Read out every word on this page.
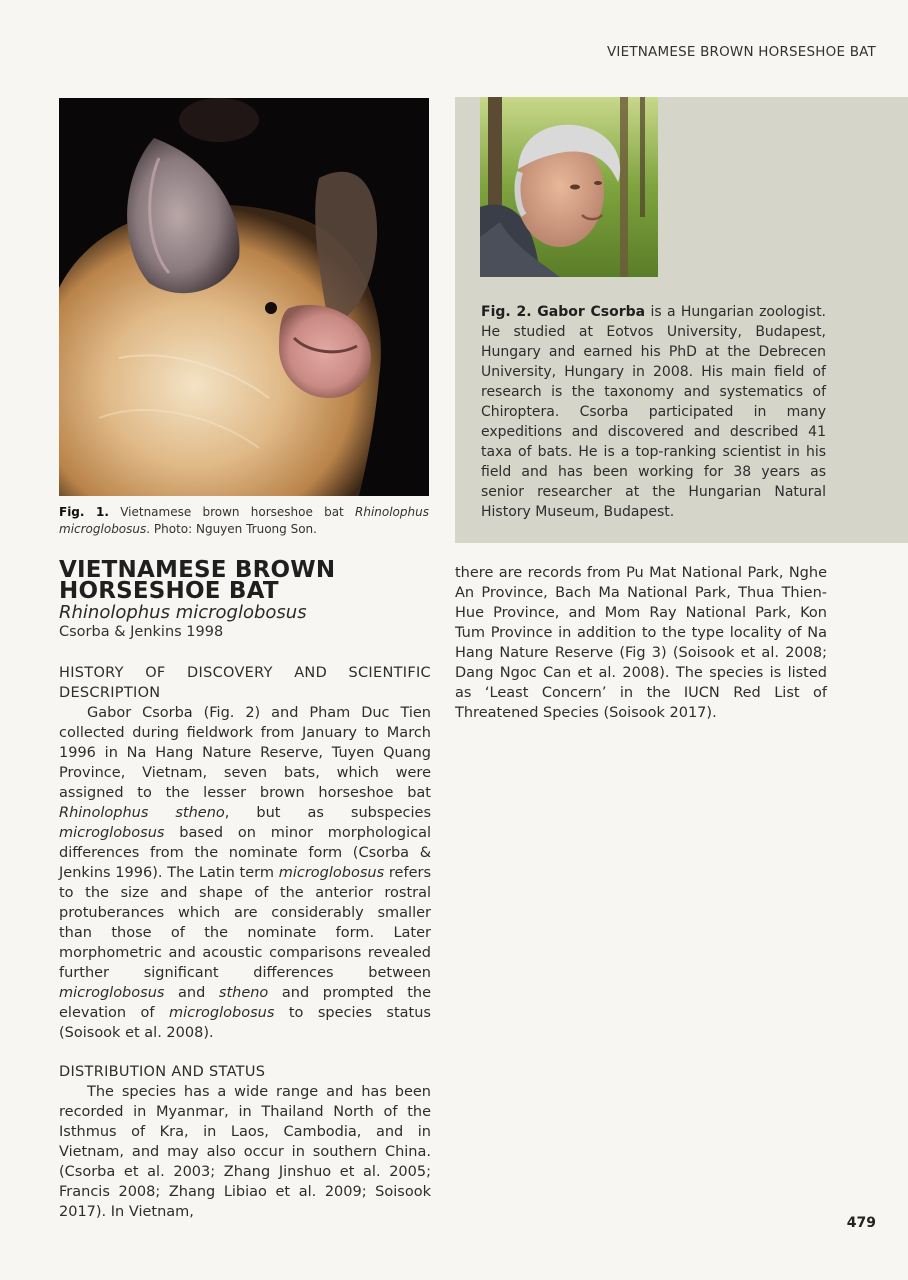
VIETNAMESE BROWN HORSESHOE BAT
Fig. 1. Vietnamese brown horseshoe bat Rhinolophus microglobosus. Photo: Nguyen Truong Son.
Fig. 2. Gabor Csorba is a Hungarian zoologist. He studied at Eotvos University, Budapest, Hungary and earned his PhD at the Debrecen University, Hungary in 2008. His main field of research is the taxonomy and systematics of Chiroptera. Csorba participated in many expeditions and discovered and described 41 taxa of bats. He is a top-ranking scientist in his field and has been working for 38 years as senior researcher at the Hungarian Natural History Museum, Budapest.
VIETNAMESE BROWN HORSESHOE BAT
Rhinolophus microglobosus
Csorba & Jenkins 1998

HISTORY OF DISCOVERY AND SCIENTIFIC DESCRIPTION

Gabor Csorba (Fig. 2) and Pham Duc Tien collected during fieldwork from January to March 1996 in Na Hang Nature Reserve, Tuyen Quang Province, Vietnam, seven bats, which were assigned to the lesser brown horseshoe bat Rhinolophus stheno, but as subspecies microglobosus based on minor morphological differences from the nominate form (Csorba & Jenkins 1996). The Latin term microglobosus refers to the size and shape of the anterior rostral protuberances which are considerably smaller than those of the nominate form. Later morphometric and acoustic comparisons revealed further significant differences between microglobosus and stheno and prompted the elevation of microglobosus to species status (Soisook et al. 2008).

DISTRIBUTION AND STATUS

The species has a wide range and has been recorded in Myanmar, in Thailand North of the Isthmus of Kra, in Laos, Cambodia, and in Vietnam, and may also occur in southern China. (Csorba et al. 2003; Zhang Jinshuo et al. 2005; Francis 2008; Zhang Libiao et al. 2009; Soisook 2017). In Vietnam,

there are records from Pu Mat National Park, Nghe An Province, Bach Ma National Park, Thua Thien-Hue Province, and Mom Ray National Park, Kon Tum Province in addition to the type locality of Na Hang Nature Reserve (Fig 3) (Soisook et al. 2008; Dang Ngoc Can et al. 2008). The species is listed as ‘Least Concern’ in the IUCN Red List of Threatened Species (Soisook 2017).

479
